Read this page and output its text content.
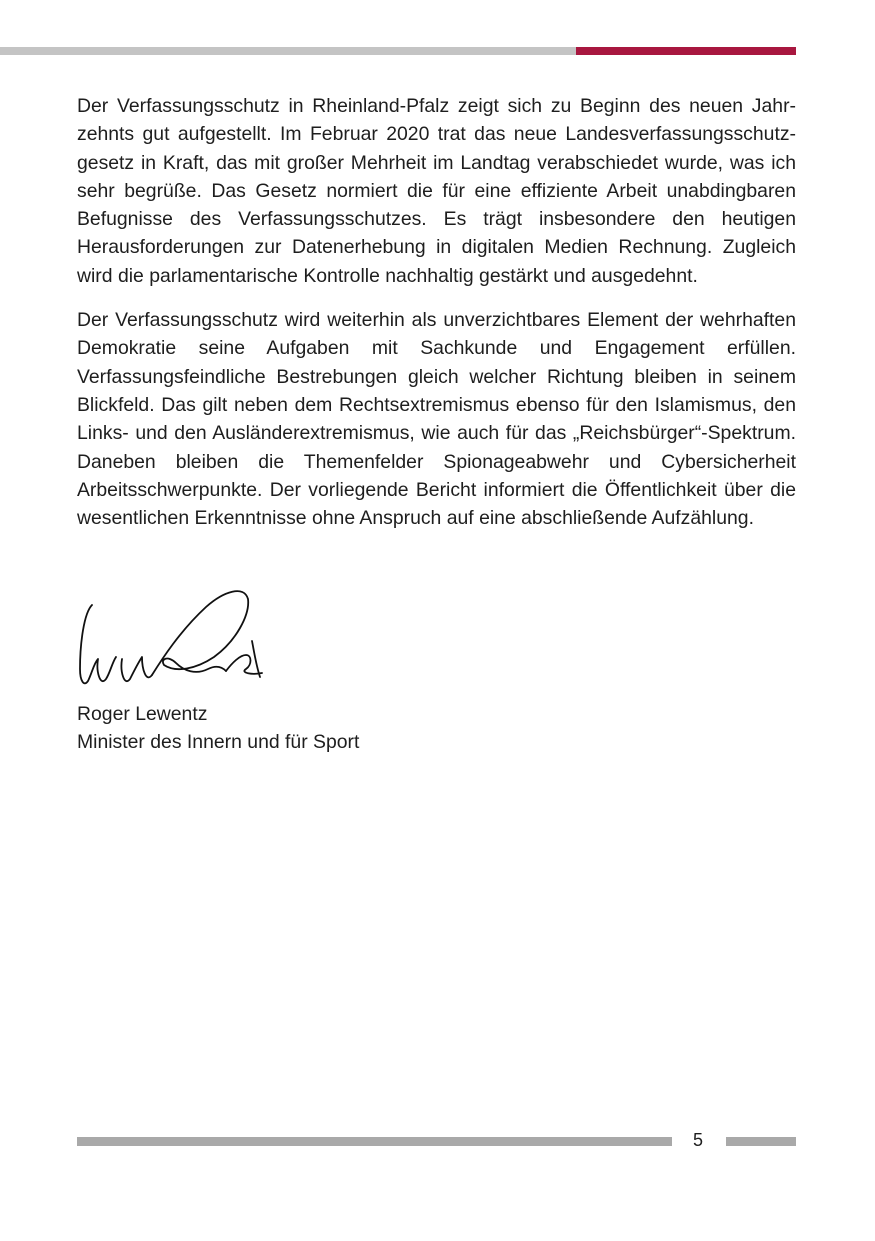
Der Verfassungsschutz in Rheinland-Pfalz zeigt sich zu Beginn des neuen Jahrzehnts gut aufgestellt. Im Februar 2020 trat das neue Landesverfassungsschutzgesetz in Kraft, das mit großer Mehrheit im Landtag verabschiedet wurde, was ich sehr begrüße. Das Gesetz normiert die für eine effiziente Arbeit unabdingbaren Befugnisse des Verfassungsschutzes. Es trägt insbesondere den heutigen Herausforderungen zur Datenerhebung in digitalen Medien Rechnung. Zugleich wird die parlamentarische Kontrolle nachhaltig gestärkt und ausgedehnt.

Der Verfassungsschutz wird weiterhin als unverzichtbares Element der wehrhaften Demokratie seine Aufgaben mit Sachkunde und Engagement erfüllen. Verfassungsfeindliche Bestrebungen gleich welcher Richtung bleiben in seinem Blickfeld. Das gilt neben dem Rechtsextremismus ebenso für den Islamismus, den Links- und den Ausländerextremismus, wie auch für das „Reichsbürger“-Spektrum. Daneben bleiben die Themenfelder Spionageabwehr und Cybersicherheit Arbeitsschwerpunkte. Der vorliegende Bericht informiert die Öffentlichkeit über die wesentlichen Erkenntnisse ohne Anspruch auf eine abschließende Aufzählung.

Roger Lewentz
Minister des Innern und für Sport
5
